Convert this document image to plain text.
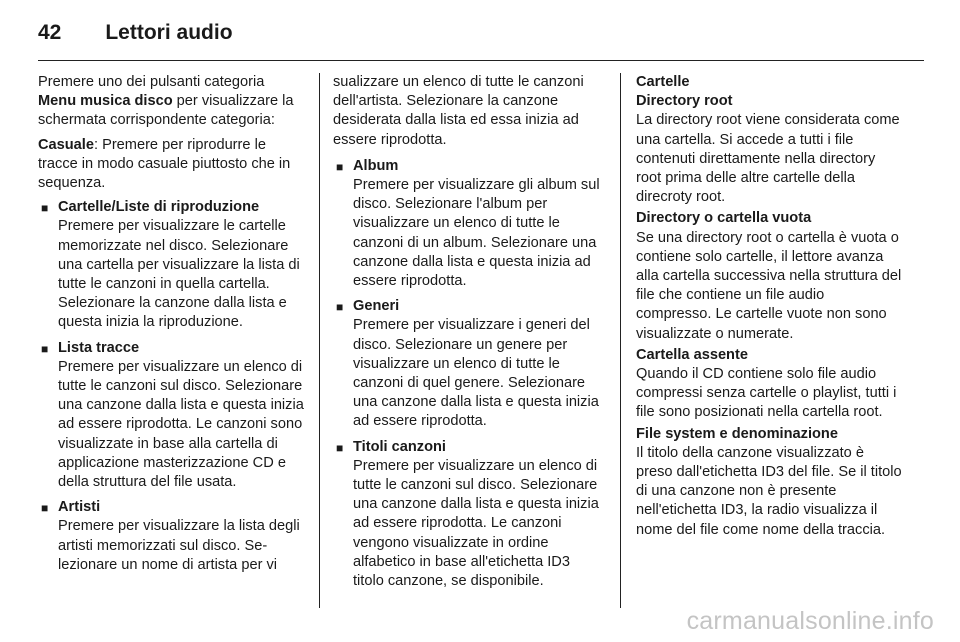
42 Lettori audio

Premere uno dei pulsanti categoria Menu musica disco per visualizzare la schermata corrispondente categoria:

Casuale: Premere per riprodurre le tracce in modo casuale piuttosto che in sequenza.

■ Cartelle/Liste di riproduzione
Premere per visualizzare le cartelle memorizzate nel disco. Selezionare una cartella per visualizzare la lista di tutte le canzoni in quella cartella. Selezionare la canzone dalla lista e questa inizia la riproduzione.
■ Lista tracce
Premere per visualizzare un elenco di tutte le canzoni sul disco. Selezionare una canzone dalla lista e questa inizia ad essere riprodotta. Le canzoni sono visualizzate in base alla cartella di applicazione masterizzazione CD e della struttura del file usata.
■ Artisti
Premere per visualizzare la lista degli artisti memorizzati sul disco. Selezionare un nome di artista per vi

sualizzare un elenco di tutte le canzoni dell'artista. Selezionare la canzone desiderata dalla lista ed essa inizia ad essere riprodotta.

■ Album
Premere per visualizzare gli album sul disco. Selezionare l'album per visualizzare un elenco di tutte le canzoni di un album. Selezionare una canzone dalla lista e questa inizia ad essere riprodotta.
■ Generi
Premere per visualizzare i generi del disco. Selezionare un genere per visualizzare un elenco di tutte le canzoni di quel genere. Selezionare una canzone dalla lista e questa inizia ad essere riprodotta.
■ Titoli canzoni
Premere per visualizzare un elenco di tutte le canzoni sul disco. Selezionare una canzone dalla lista e questa inizia ad essere riprodotta. Le canzoni vengono visualizzate in ordine alfabetico in base all'etichetta ID3 titolo canzone, se disponibile.
Cartelle
Directory root
La directory root viene considerata come una cartella. Si accede a tutti i file contenuti direttamente nella directory root prima delle altre cartelle della direcroty root.
Directory o cartella vuota
Se una directory root o cartella è vuota o contiene solo cartelle, il lettore avanza alla cartella successiva nella struttura del file che contiene un file audio compresso. Le cartelle vuote non sono visualizzate o numerate.
Cartella assente
Quando il CD contiene solo file audio compressi senza cartelle o playlist, tutti i file sono posizionati nella cartella root.
File system e denominazione
Il titolo della canzone visualizzato è preso dall'etichetta ID3 del file. Se il titolo di una canzone non è presente nell'etichetta ID3, la radio visualizza il nome del file come nome della traccia.
carmanualsonline.info
